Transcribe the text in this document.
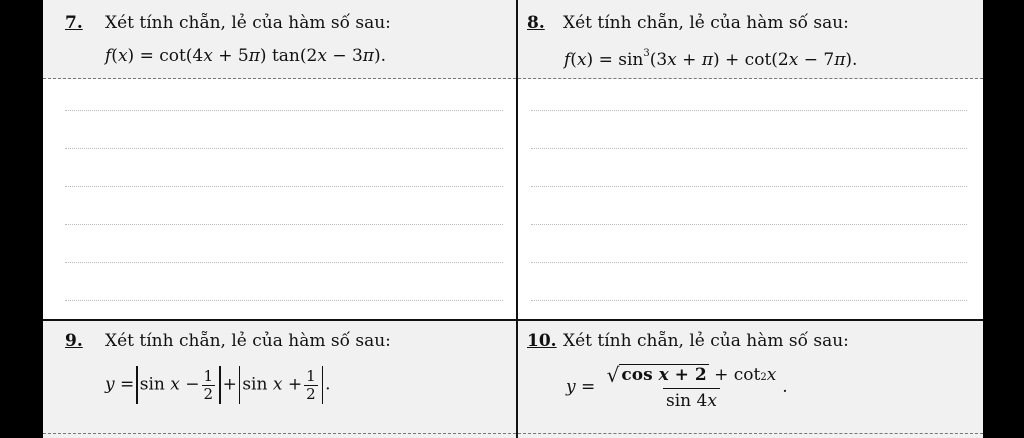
7. Xét tính chẵn, lẻ của hàm số sau:
f(x) = cot(4x + 5π) tan(2x − 3π).
8. Xét tính chẵn, lẻ của hàm số sau:
$f(x) = \sin^3(3x + \pi) + \cot(2x - 7\pi)$.
9. Xét tính chẵn, lẻ của hàm số sau:
$y = \sin x - \frac{1}{2} + \sin x + \frac{1}{2}$ .
10. Xét tính chẵn, lẻ của hàm số sau:
$y = \frac{\text{√ cos x + 2 + cot 2 x}}{\sin 4x}$ .
